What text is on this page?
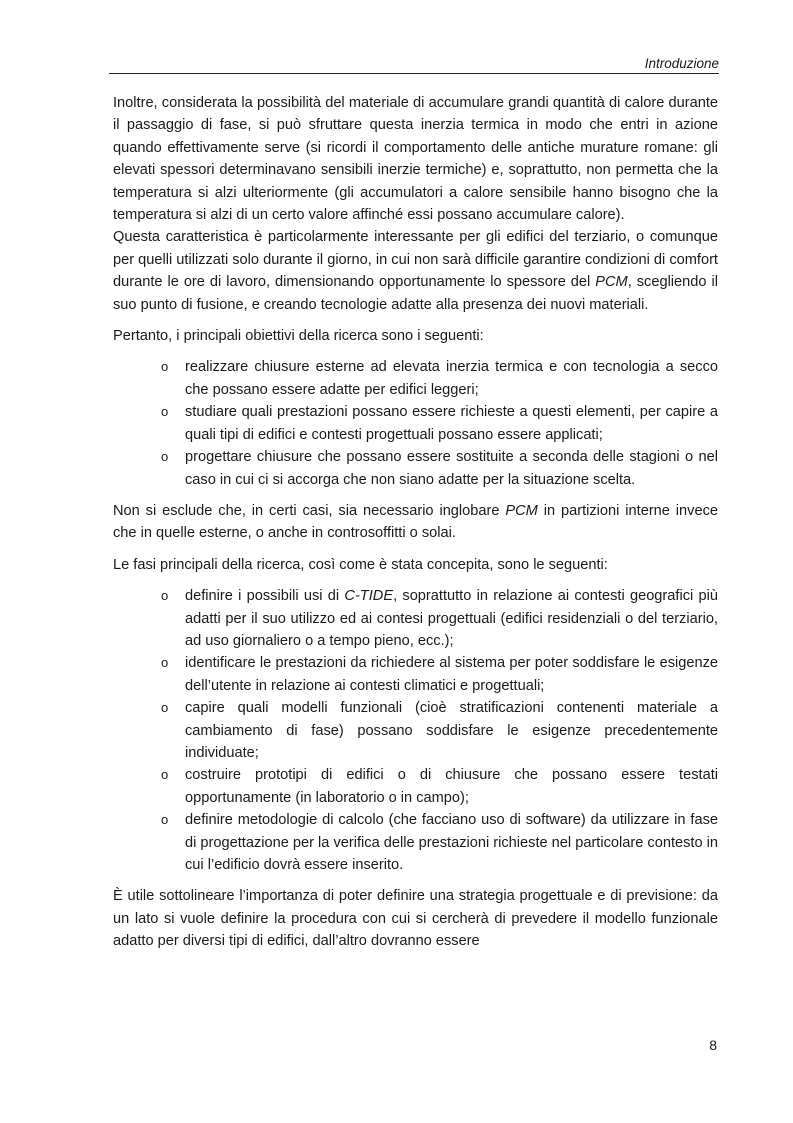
Introduzione

Inoltre, considerata la possibilità del materiale di accumulare grandi quantità di calore durante il passaggio di fase, si può sfruttare questa inerzia termica in modo che entri in azione quando effettivamente serve (si ricordi il comportamento delle antiche murature romane: gli elevati spessori determinavano sensibili inerzie termiche) e, soprattutto, non permetta che la temperatura si alzi ulteriormente (gli accumulatori a calore sensibile hanno bisogno che la temperatura si alzi di un certo valore affinché essi possano accumulare calore).

Questa caratteristica è particolarmente interessante per gli edifici del terziario, o comunque per quelli utilizzati solo durante il giorno, in cui non sarà difficile garantire condizioni di comfort durante le ore di lavoro, dimensionando opportunamente lo spessore del PCM, scegliendo il suo punto di fusione, e creando tecnologie adatte alla presenza dei nuovi materiali.

Pertanto, i principali obiettivi della ricerca sono i seguenti:

o realizzare chiusure esterne ad elevata inerzia termica e con tecnologia a secco che possano essere adatte per edifici leggeri;
o studiare quali prestazioni possano essere richieste a questi elementi, per capire a quali tipi di edifici e contesti progettuali possano essere applicati;
o progettare chiusure che possano essere sostituite a seconda delle stagioni o nel caso in cui ci si accorga che non siano adatte per la situazione scelta.

Non si esclude che, in certi casi, sia necessario inglobare PCM in partizioni interne invece che in quelle esterne, o anche in controsoffitti o solai.

Le fasi principali della ricerca, così come è stata concepita, sono le seguenti:

o definire i possibili usi di C-TIDE, soprattutto in relazione ai contesti geografici più adatti per il suo utilizzo ed ai contesi progettuali (edifici residenziali o del terziario, ad uso giornaliero o a tempo pieno, ecc.);
o identificare le prestazioni da richiedere al sistema per poter soddisfare le esigenze dell’utente in relazione ai contesti climatici e progettuali;
o capire quali modelli funzionali (cioè stratificazioni contenenti materiale a cambiamento di fase) possano soddisfare le esigenze precedentemente individuate;
o costruire prototipi di edifici o di chiusure che possano essere testati opportunamente (in laboratorio o in campo);
o definire metodologie di calcolo (che facciano uso di software) da utilizzare in fase di progettazione per la verifica delle prestazioni richieste nel particolare contesto in cui l’edificio dovrà essere inserito.

È utile sottolineare l’importanza di poter definire una strategia progettuale e di previsione: da un lato si vuole definire la procedura con cui si cercherà di prevedere il modello funzionale adatto per diversi tipi di edifici, dall’altro dovranno essere

8
